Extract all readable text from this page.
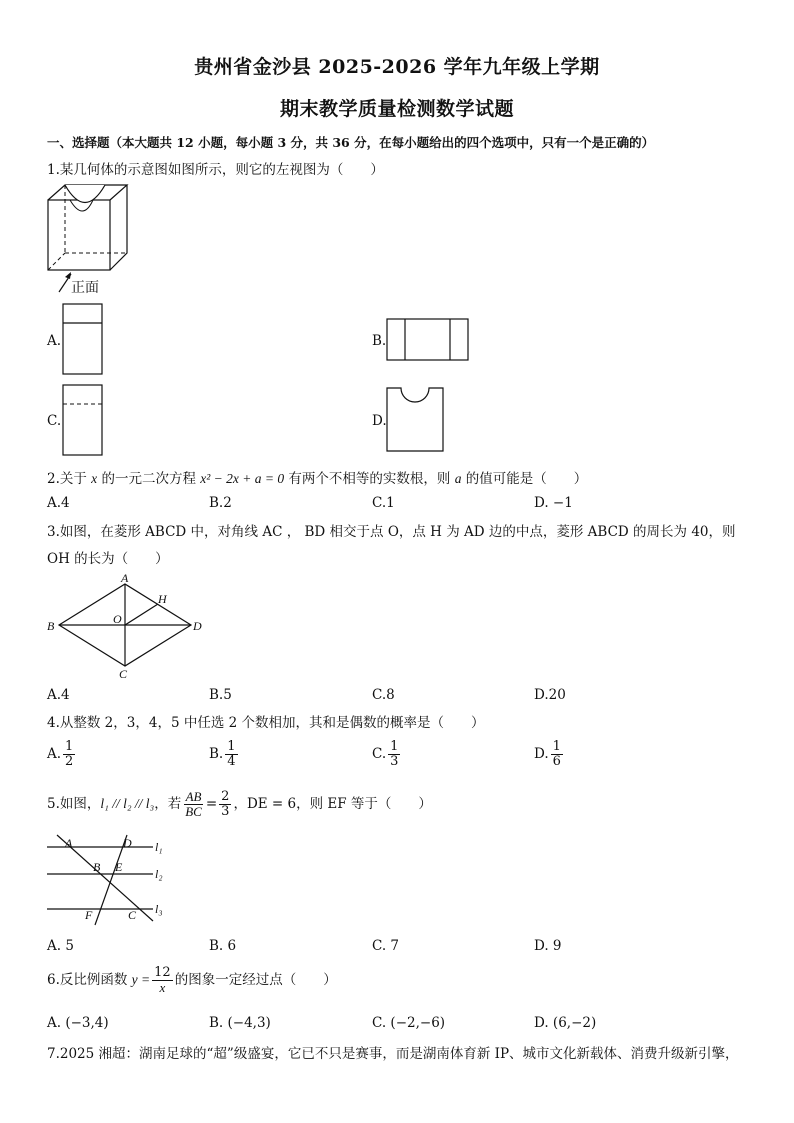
贵州省金沙县 2025-2026 学年九年级上学期
期末教学质量检测数学试题
一、选择题（本大题共 12 小题，每小题 3 分，共 36 分，在每小题给出的四个选项中，只有一个是正确的）
1.某几何体的示意图如图所示，则它的左视图为（　　）
正面
A.	B.
C.	D.
2.关于 x 的一元二次方程 x² − 2x + a = 0 有两个不相等的实数根，则 a 的值可能是（　　）
A.4	B.2	C.1	D. −1
3.如图，在菱形 ABCD 中，对角线 AC ， BD 相交于点 O，点 H 为 AD 边的中点，菱形 ABCD 的周长为 40，则
OH 的长为（　　）
A
B	D
C
O
H
A.4	B.5	C.8	D.20
4.从整数 2，3，4，5 中任选 2 个数相加，其和是偶数的概率是（　　）
A. $\frac{1}{2}$	B. $\frac{1}{4}$	C. $\frac{1}{3}$	D. $\frac{1}{6}$
5.如图，l₁ // l₂ // l₃，若 $\frac{AB}{BC} = \frac{2}{3}$ ，DE = 6，则 EF 等于（　　）
A	D
B E
F	C
l₁
l₂
l₃
A. 5	B. 6	C. 7	D. 9
6.反比例函数 $y = \frac{12}{x}$ 的图象一定经过点（　　）
A. (−3,4)	B. (−4,3)	C. (−2,−6)	D. (6,−2)
7.2025 湘超：湖南足球的“超”级盛宴，它已不只是赛事，而是湖南体育新 IP、城市文化新载体、消费升级新引擎，
